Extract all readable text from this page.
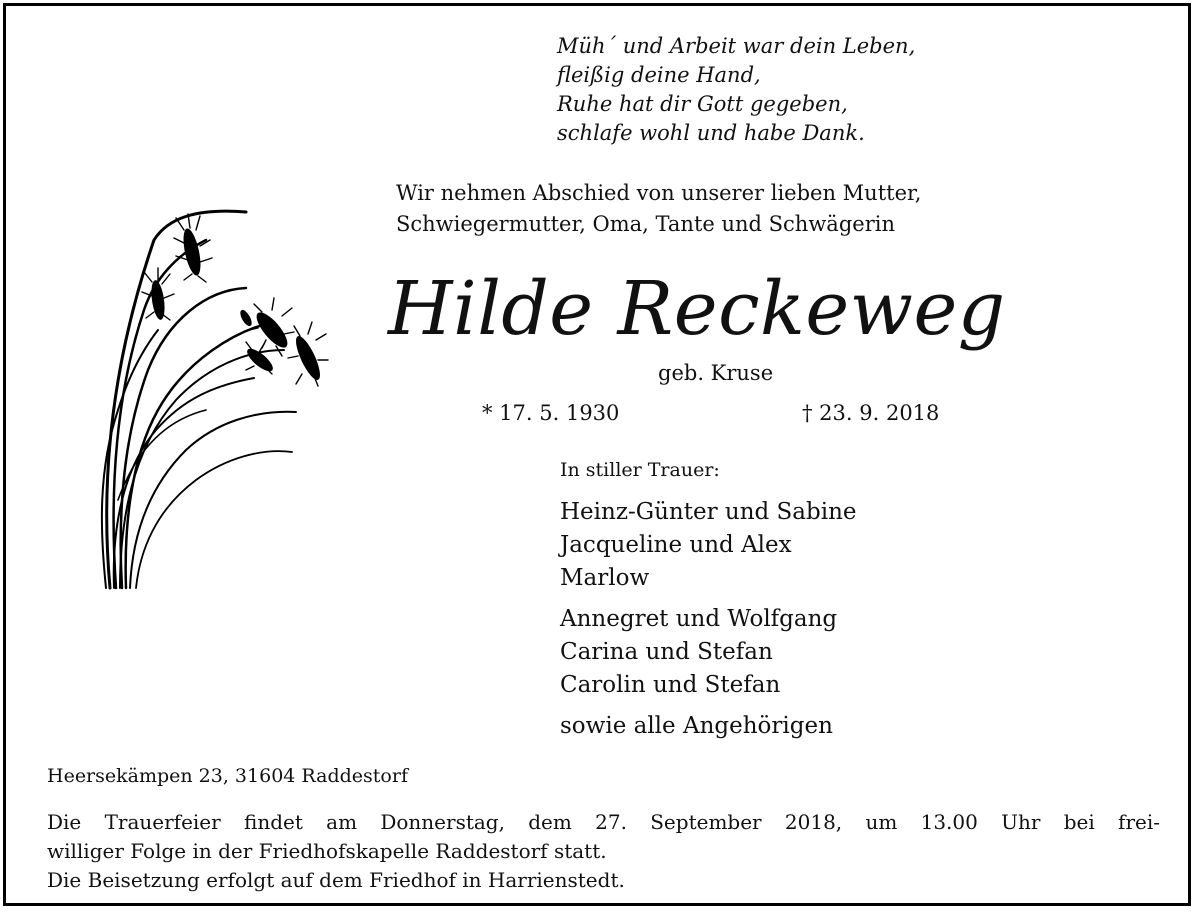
Müh´ und Arbeit war dein Leben,
fleißig deine Hand,
Ruhe hat dir Gott gegeben,
schlafe wohl und habe Dank.
Wir nehmen Abschied von unserer lieben Mutter,
Schwiegermutter, Oma, Tante und Schwägerin
Hilde Reckeweg
geb. Kruse
* 17. 5. 1930	† 23. 9. 2018
In stiller Trauer:
Heinz-Günter und Sabine
Jacqueline und Alex
Marlow
Annegret und Wolfgang
Carina und Stefan
Carolin und Stefan
sowie alle Angehörigen
Heersekämpen 23, 31604 Raddestorf
Die Trauerfeier findet am Donnerstag, dem 27. September 2018, um 13.00 Uhr bei frei-
williger Folge in der Friedhofskapelle Raddestorf statt.
Die Beisetzung erfolgt auf dem Friedhof in Harrienstedt.
